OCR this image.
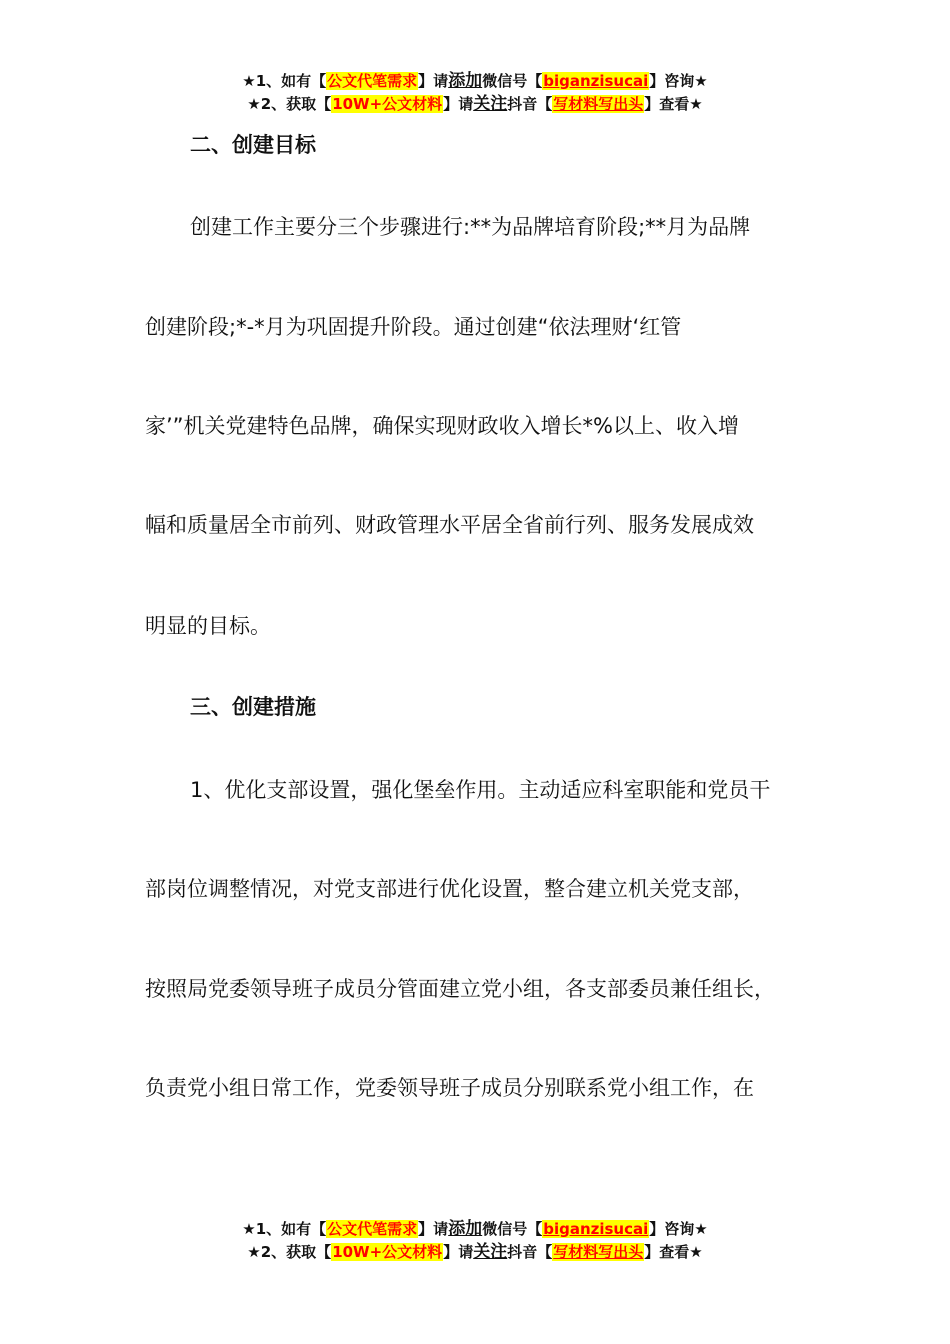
★1、如有【公文代笔需求】请添加微信号【biganzisucai】咨询★
★2、获取【10W+公文材料】请关注抖音【写材料写出头】查看★
二、创建目标
创建工作主要分三个步骤进行:**为品牌培育阶段;**月为品牌
创建阶段;*-*月为巩固提升阶段。通过创建“依法理财‘红管
家’”机关党建特色品牌，确保实现财政收入增长*%以上、收入增
幅和质量居全市前列、财政管理水平居全省前行列、服务发展成效
明显的目标。
三、创建措施
1、优化支部设置，强化堡垒作用。主动适应科室职能和党员干
部岗位调整情况，对党支部进行优化设置，整合建立机关党支部，
按照局党委领导班子成员分管面建立党小组，各支部委员兼任组长，
负责党小组日常工作，党委领导班子成员分别联系党小组工作，在
★1、如有【公文代笔需求】请添加微信号【biganzisucai】咨询★
★2、获取【10W+公文材料】请关注抖音【写材料写出头】查看★
